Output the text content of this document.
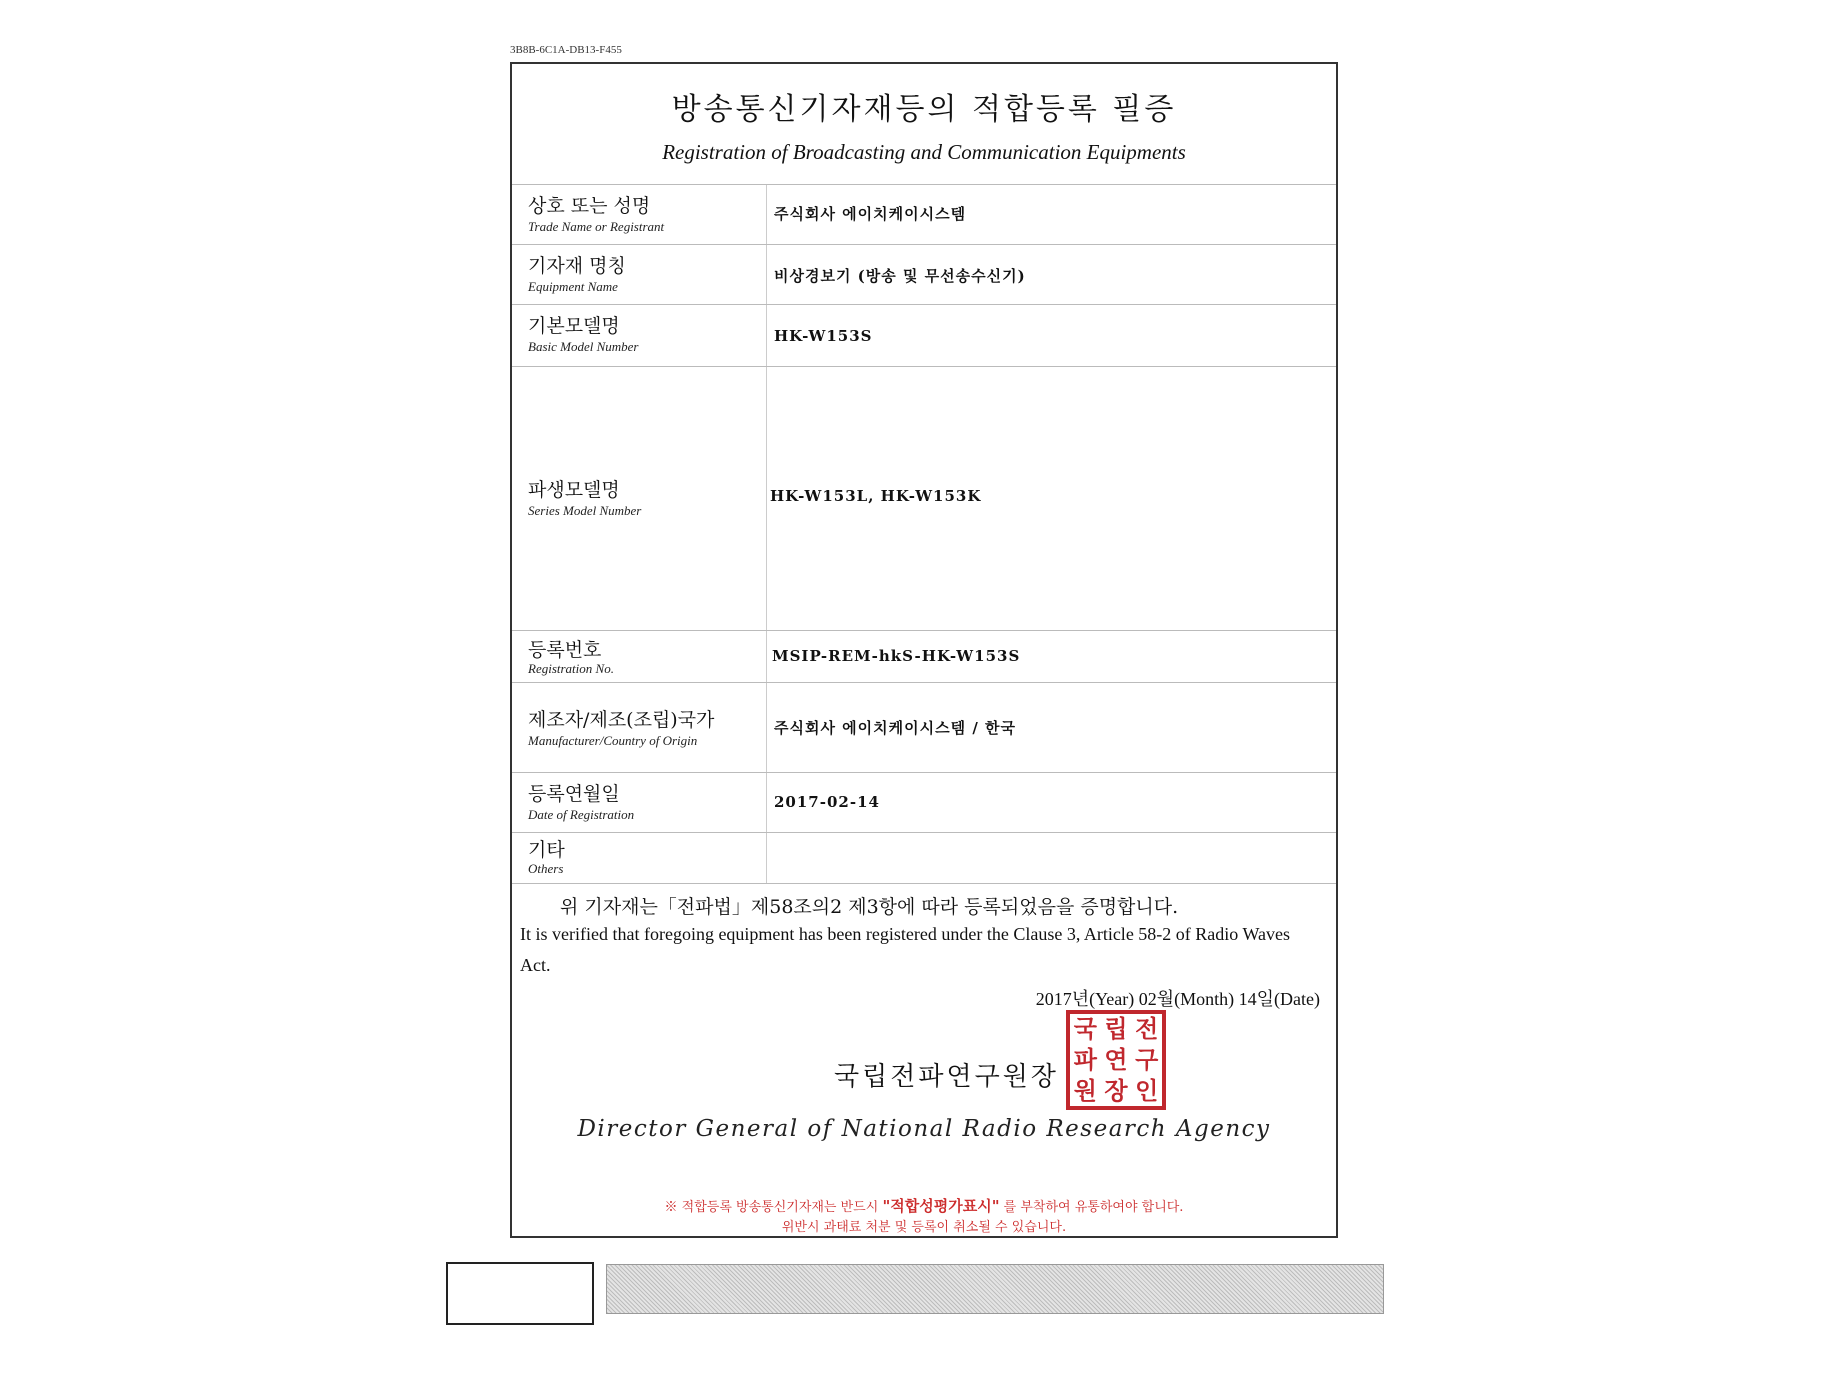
3B8B-6C1A-DB13-F455
방송통신기자재등의 적합등록 필증
Registration of Broadcasting and Communication Equipments
상호 또는 성명
Trade Name or Registrant
주식회사 에이치케이시스템
기자재 명칭
Equipment Name
비상경보기 (방송 및 무선송수신기)
기본모델명
Basic Model Number
HK-W153S
파생모델명
Series Model Number
HK-W153L, HK-W153K
등록번호
Registration No.
MSIP-REM-hkS-HK-W153S
제조자/제조(조립)국가
Manufacturer/Country of Origin
주식회사 에이치케이시스템 / 한국
등록연월일
Date of Registration
2017-02-14
기타
Others
위 기자재는「전파법」제58조의2 제3항에 따라 등록되었음을 증명합니다.
It is verified that foregoing equipment has been registered under the Clause 3, Article 58-2 of Radio Waves Act.
2017년(Year) 02월(Month) 14일(Date)
국립전파연구원장
국 립 전
파 연 구
원 장 인
Director General of National Radio Research Agency
※ 적합등록 방송통신기자재는 반드시 "적합성평가표시" 를 부착하여 유통하여야 합니다.
위반시 과태료 처분 및 등록이 취소될 수 있습니다.
